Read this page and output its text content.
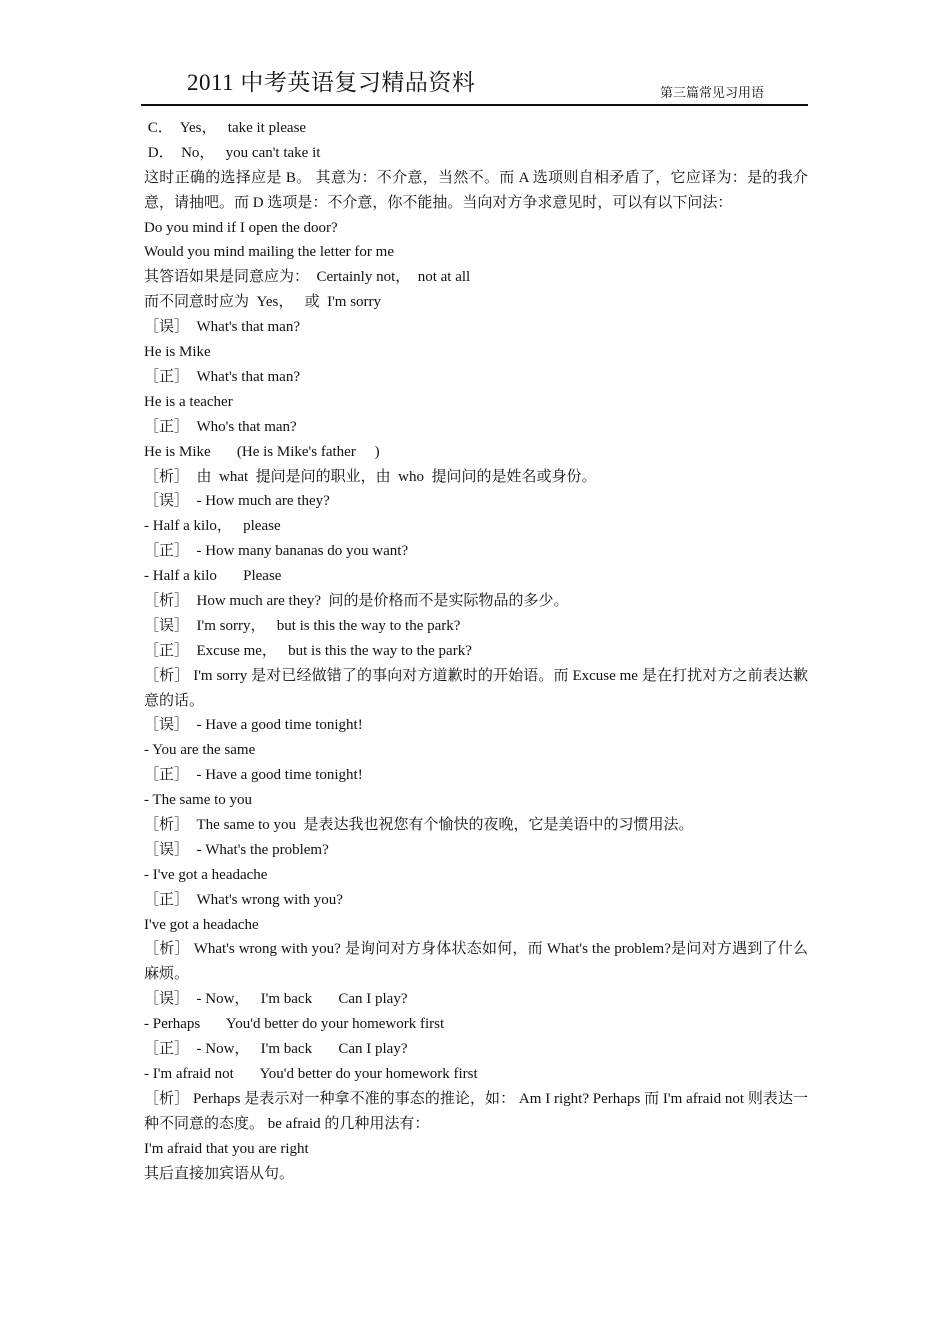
2011 中考英语复习精品资料	第三篇常见习用语
C．  Yes，   take it please
D．  No，   you can't take it
这时正确的选择应是 B。 其意为：不介意，当然不。而 A 选项则自相矛盾了，它应译为：是的我介意，请抽吧。而 D 选项是：不介意，你不能抽。当向对方争求意见时，可以有以下问法：
Do you mind if I open the door?
Would you mind mailing the letter for me
其答语如果是同意应为：  Certainly not，  not at all
而不同意时应为  Yes，   或  I'm sorry
［误］  What's that man?
He is Mike
［正］  What's that man?
He is a teacher
［正］  Who's that man?
He is Mike       (He is Mike's father     )
［析］  由  what  提问是问的职业，由  who  提问问的是姓名或身份。
［误］  - How much are they?
- Half a kilo，   please
［正］  - How many bananas do you want?
- Half a kilo       Please
［析］  How much are they?  问的是价格而不是实际物品的多少。
［误］  I'm sorry，   but is this the way to the park?
［正］  Excuse me，   but is this the way to the park?
［析］ I'm sorry 是对已经做错了的事向对方道歉时的开始语。而 Excuse me 是在打扰对方之前表达歉意的话。
［误］  - Have a good time tonight!
- You are the same
［正］  - Have a good time tonight!
- The same to you
［析］  The same to you  是表达我也祝您有个愉快的夜晚，它是美语中的习惯用法。
［误］  - What's the problem?
- I've got a headache
［正］  What's wrong with you?
I've got a headache
［析］ What's wrong with you? 是询问对方身体状态如何，而 What's the problem?是问对方遇到了什么麻烦。
［误］  - Now，   I'm back       Can I play?
- Perhaps       You'd better do your homework first
［正］  - Now，   I'm back       Can I play?
- I'm afraid not       You'd better do your homework first
［析］ Perhaps 是表示对一种拿不准的事态的推论，如： Am I right? Perhaps 而 I'm afraid not 则表达一种不同意的态度。 be afraid 的几种用法有：
I'm afraid that you are right
其后直接加宾语从句。
